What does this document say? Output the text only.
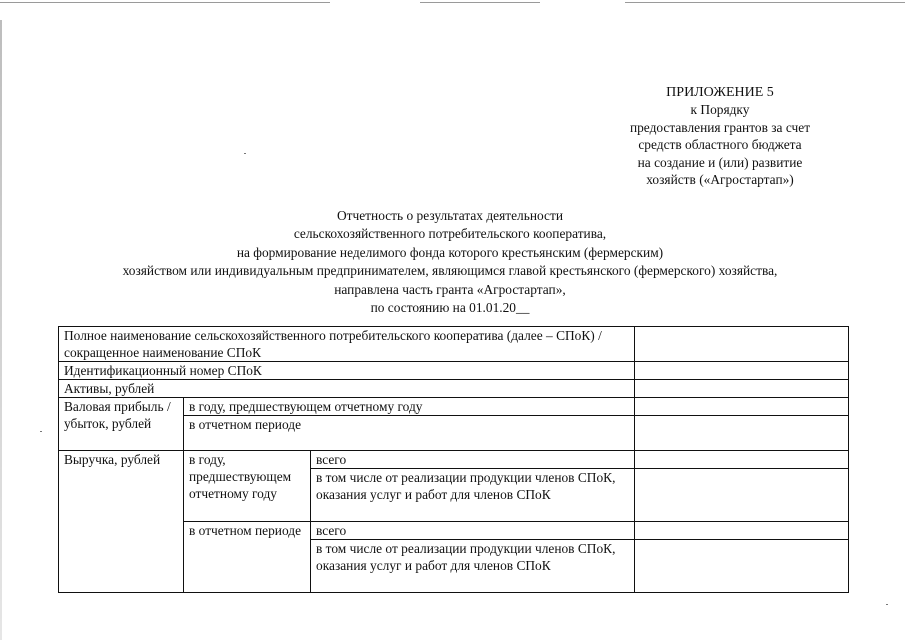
ПРИЛОЖЕНИЕ 5
к Порядку
предоставления грантов за счет
средств областного бюджета
на создание и (или) развитие
хозяйств («Агростартап»)
Отчетность о результатах деятельности
сельскохозяйственного потребительского кооператива,
на формирование неделимого фонда которого крестьянским (фермерским)
хозяйством или индивидуальным предпринимателем, являющимся главой крестьянского (фермерского) хозяйства,
направлена часть гранта «Агростартап»,
по состоянию на 01.01.20__
Полное наименование сельскохозяйственного потребительского кооператива (далее – СПоК) / сокращенное наименование СПоК			
Идентификационный номер СПоК			
Активы, рублей			
Валовая прибыль / убыток, рублей	в году, предшествующем отчетному году		
	в отчетном периоде		
Выручка, рублей	в году, предшествующем отчетному году	всего	
		в том числе от реализации продукции членов СПоК, оказания услуг и работ для членов СПоК	
	в отчетном периоде	всего	
		в том числе от реализации продукции членов СПоК, оказания услуг и работ для членов СПоК	
